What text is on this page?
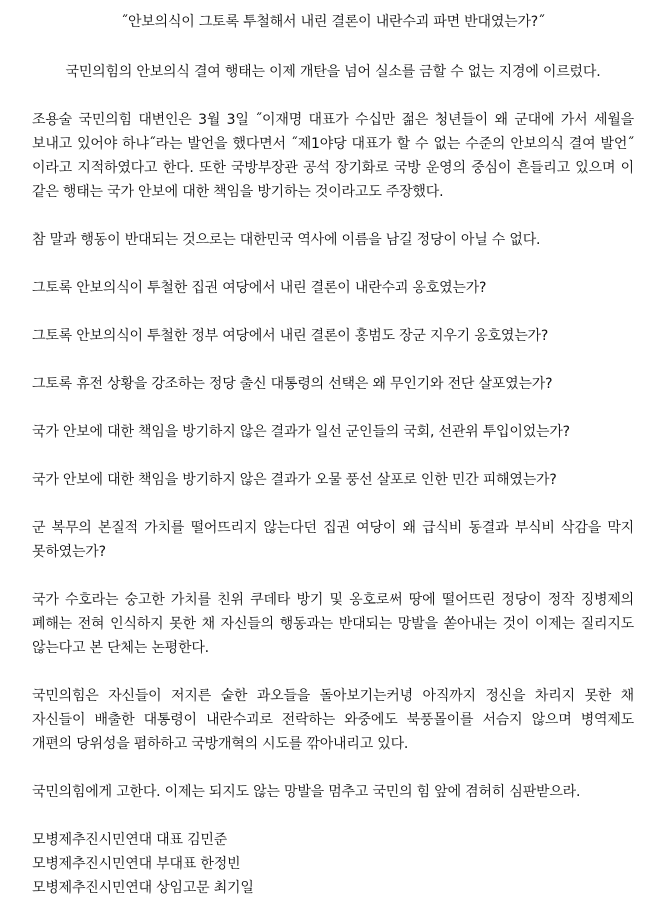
˝안보의식이 그토록 투철해서 내린 결론이 내란수괴 파면 반대였는가?˝
국민의힘의 안보의식 결여 행태는 이제 개탄을 넘어 실소를 금할 수 없는 지경에 이르렀다.

조용술 국민의힘 대변인은 3월 3일 ˝이재명 대표가 수십만 젊은 청년들이 왜 군대에 가서 세월을 보내고 있어야 하냐˝라는 발언을 했다면서 ˝제1야당 대표가 할 수 없는 수준의 안보의식 결여 발언˝이라고 지적하였다고 한다. 또한 국방부장관 공석 장기화로 국방 운영의 중심이 흔들리고 있으며 이 같은 행태는 국가 안보에 대한 책임을 방기하는 것이라고도 주장했다.

참 말과 행동이 반대되는 것으로는 대한민국 역사에 이름을 남길 정당이 아닐 수 없다.

그토록 안보의식이 투철한 집권 여당에서 내린 결론이 내란수괴 옹호였는가?

그토록 안보의식이 투철한 정부 여당에서 내린 결론이 홍범도 장군 지우기 옹호였는가?

그토록 휴전 상황을 강조하는 정당 출신 대통령의 선택은 왜 무인기와 전단 살포였는가?

국가 안보에 대한 책임을 방기하지 않은 결과가 일선 군인들의 국회, 선관위 투입이었는가?

국가 안보에 대한 책임을 방기하지 않은 결과가 오물 풍선 살포로 인한 민간 피해였는가?

군 복무의 본질적 가치를 떨어뜨리지 않는다던 집권 여당이 왜 급식비 동결과 부식비 삭감을 막지 못하였는가?

국가 수호라는 숭고한 가치를 친위 쿠데타 방기 및 옹호로써 땅에 떨어뜨린 정당이 정작 징병제의 폐해는 전혀 인식하지 못한 채 자신들의 행동과는 반대되는 망발을 쏟아내는 것이 이제는 질리지도 않는다고 본 단체는 논평한다.

국민의힘은 자신들이 저지른 숱한 과오들을 돌아보기는커녕 아직까지 정신을 차리지 못한 채 자신들이 배출한 대통령이 내란수괴로 전락하는 와중에도 북풍몰이를 서슴지 않으며 병역제도 개편의 당위성을 폄하하고 국방개혁의 시도를 깎아내리고 있다.

국민의힘에게 고한다. 이제는 되지도 않는 망발을 멈추고 국민의 힘 앞에 겸허히 심판받으라.

모병제추진시민연대 대표 김민준
모병제추진시민연대 부대표 한정빈
모병제추진시민연대 상임고문 최기일
